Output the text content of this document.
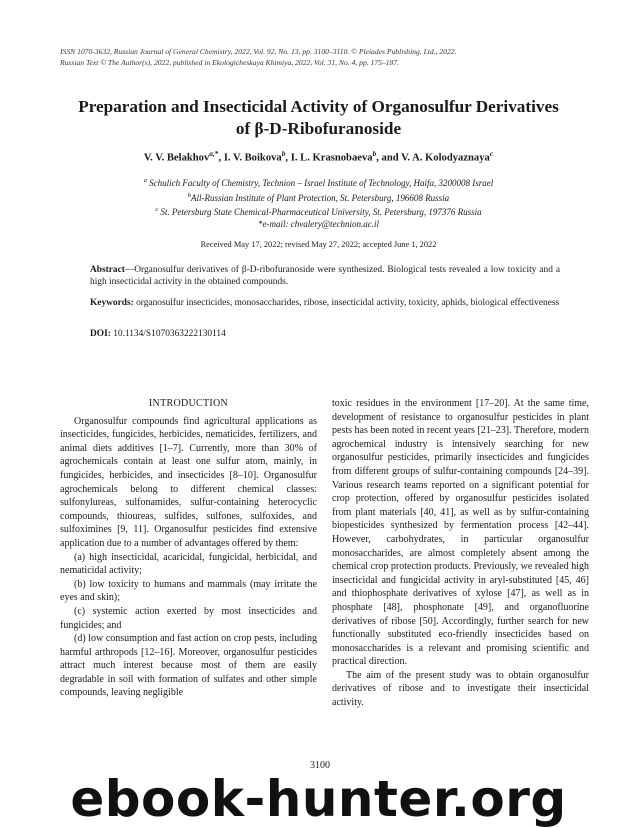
ISSN 1070-3632, Russian Journal of General Chemistry, 2022, Vol. 92, No. 13, pp. 3100–3110. © Pleiades Publishing, Ltd., 2022.
Russian Text © The Author(s), 2022, published in Ekologicheskaya Khimiya, 2022, Vol. 31, No. 4, pp. 175–187.
Preparation and Insecticidal Activity of Organosulfur Derivatives
of β-D-Ribofuranoside
V. V. Belakhov$^{a,*}$, I. V. Boikova$^b$, I. L. Krasnobaeva$^b$, and V. A. Kolodyaznaya$^c$
$^a$ Schulich Faculty of Chemistry, Technion – Israel Institute of Technology, Haifa, 3200008 Israel
$^b$All-Russian Institute of Plant Protection, St. Petersburg, 196608 Russia
$^c$ St. Petersburg State Chemical-Pharmaceutical University, St. Petersburg, 197376 Russia
*e-mail: chvalery@technion.ac.il
Received May 17, 2022; revised May 27, 2022; accepted June 1, 2022
Abstract—Organosulfur derivatives of β-D-ribofuranoside were synthesized. Biological tests revealed a low toxicity and a high insecticidal activity in the obtained compounds.
Keywords: organosulfur insecticides, monosaccharides, ribose, insecticidal activity, toxicity, aphids, biological effectiveness
DOI: 10.1134/S1070363222130114

INTRODUCTION

Organosulfur compounds find agricultural applications as insecticides, fungicides, herbicides, nematicides, fertilizers, and animal diets additives [1–7]. Currently, more than 30% of agrochemicals contain at least one sulfur atom, mainly, in fungicides, herbicides, and insecticides [8–10]. Organosulfur agrochemicals belong to different chemical classes: sulfonylureas, sulfonamides, sulfur-containing heterocyclic compounds, thioureas, sulfides, sulfones, sulfoxides, and sulfoximines [9, 11]. Organosulfur pesticides find extensive application due to a number of advantages offered by them:

(a) high insecticidal, acaricidal, fungicidal, herbicidal, and nematicidal activity;

(b) low toxicity to humans and mammals (may irritate the eyes and skin);

(c) systemic action exerted by most insecticides and fungicides; and

(d) low consumption and fast action on crop pests, including harmful arthropods [12–16]. Moreover, organosulfur pesticides attract much interest because most of them are easily degradable in soil with formation of sulfates and other simple compounds, leaving negligible

toxic residues in the environment [17–20]. At the same time, development of resistance to organosulfur pesticides in plant pests has been noted in recent years [21–23]. Therefore, modern agrochemical industry is intensively searching for new organosulfur pesticides, primarily insecticides and fungicides from different groups of sulfur-containing compounds [24–39]. Various research teams reported on a significant potential for crop protection, offered by organosulfur pesticides isolated from plant materials [40, 41], as well as by sulfur-containing biopesticides synthesized by fermentation process [42–44]. However, carbohydrates, in particular organosulfur monosaccharides, are almost completely absent among the chemical crop protection products. Previously, we revealed high insecticidal and fungicidal activity in aryl-substituted [45, 46] and thiophosphate derivatives of xylose [47], as well as in phosphate [48], phosphonate [49], and organofluorine derivatives of ribose [50]. Accordingly, further search for new functionally substituted eco-friendly insecticides based on monosaccharides is a relevant and promising scientific and practical direction.

The aim of the present study was to obtain organosulfur derivatives of ribose and to investigate their insecticidal activity.

3100
ebook-hunter.org
